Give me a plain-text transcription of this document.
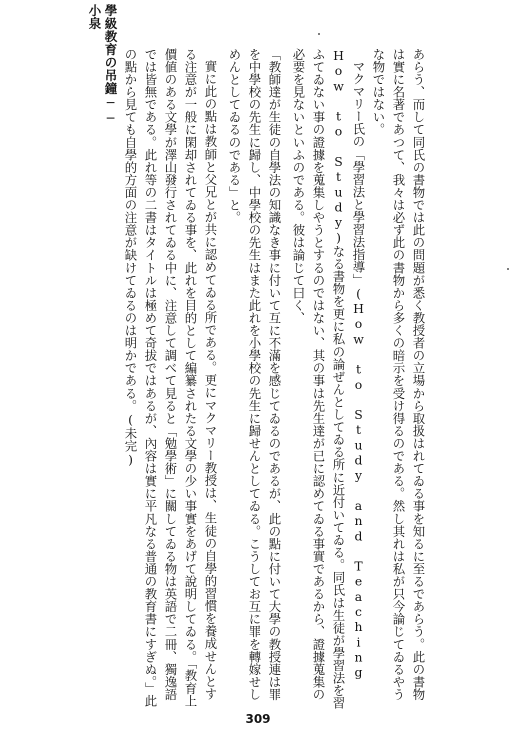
學級教育の吊鐘──小泉

あらう、而して同氏の書物では此の問題が悉く教授者の立場から取扱はれてゐる事を知るに至るであらう。此の書物は實に名著であつて、我々は必ず此の書物から多くの暗示を受け得るのである。然し其れは私が只今論じてゐるやうな物ではない。

マクマリー氏の「學習法と學習法指導」(How to Study and Teaching How to Study)なる書物を更に私の論ぜんとしてゐる所に近付いてゐる。同氏は生徒が學習法を習ふてゐない事の證據を蒐集しやうとするのではない、其の事は先生達が已に認めてゐる事實であるから、證據蒐集の必要を見ないといふのである。彼は論じて曰く、

「教師達が生徒の自學法の知識なき事に付いて互に不滿を感じてゐるのであるが、此の點に付いて大學の教授連は罪を中學校の先生に歸し、中學校の先生はまた此れを小學校の先生に歸せんとしてゐる。こうしてお互に罪を轉嫁せしめんとしてゐるのである」と。

實に此の點は教師と父兄とが共に認めてゐる所である。更にマクマリー教授は、生徒の自學的習慣を養成せんとする注意が一般に閑却されてゐる事を、此れを目的として編纂されたる文學の少い事實をあげて說明してゐる。「教育上價値のある文學が澤山發行されてゐる中に、注意して調べて見ると「勉學術」に關してゐる物は英語で二冊、獨逸語では皆無である。此れ等の二書はタイトルは極めて奇拔ではあるが、內容は實に平凡なる普通の教育書にすぎぬ。」此の點から見ても自學的方面の注意が缺けてゐるのは明かである。(未完)

309
